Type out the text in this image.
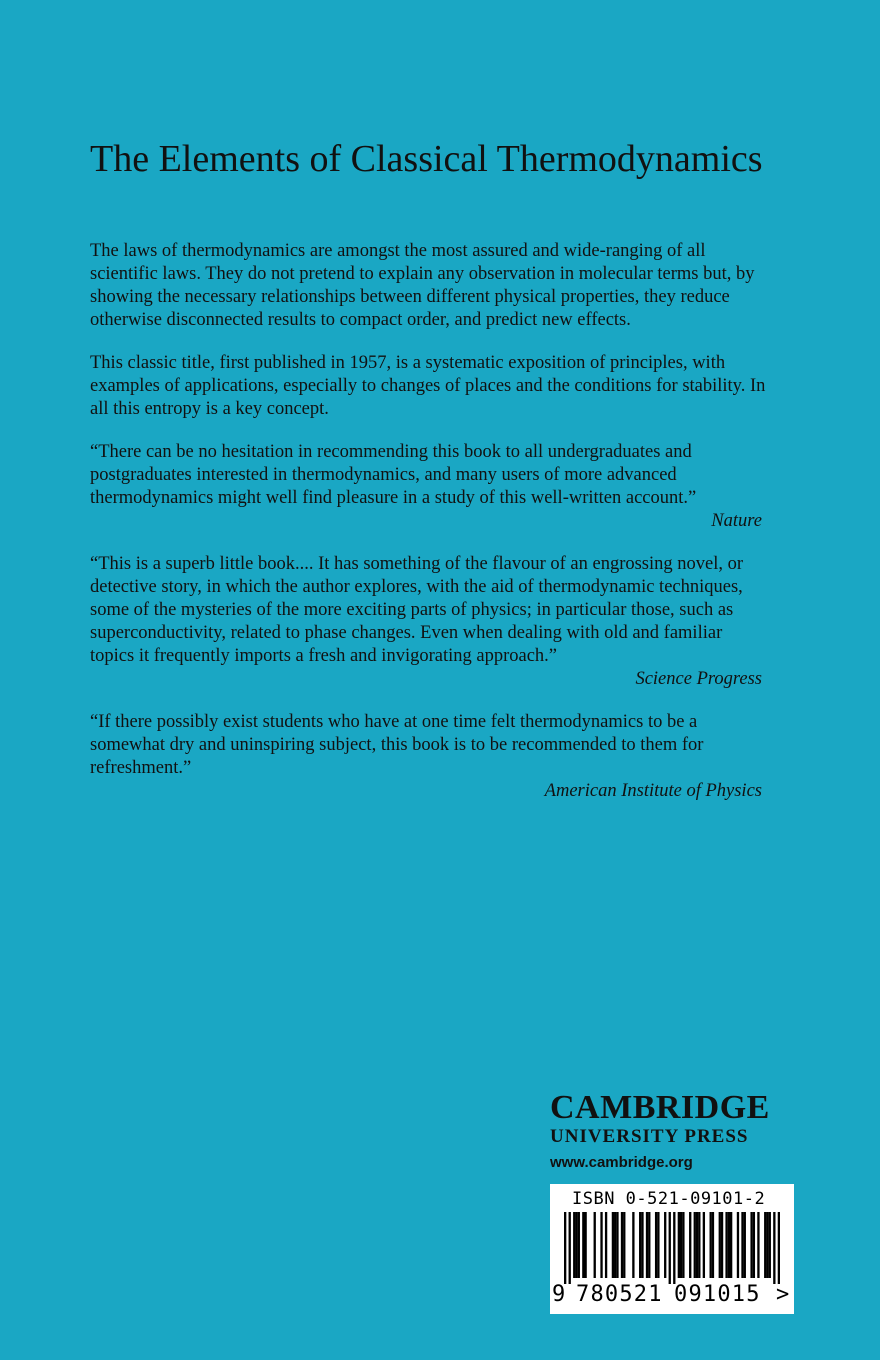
The Elements of Classical Thermodynamics

The laws of thermodynamics are amongst the most assured and wide-ranging of all scientific laws. They do not pretend to explain any observation in molecular terms but, by showing the necessary relationships between different physical properties, they reduce otherwise disconnected results to compact order, and predict new effects.

This classic title, first published in 1957, is a systematic exposition of principles, with examples of applications, especially to changes of places and the conditions for stability. In all this entropy is a key concept.

“There can be no hesitation in recommending this book to all undergraduates and postgraduates interested in thermodynamics, and many users of more advanced thermodynamics might well find pleasure in a study of this well-written account.”

Nature

“This is a superb little book.... It has something of the flavour of an engrossing novel, or detective story, in which the author explores, with the aid of thermodynamic techniques, some of the mysteries of the more exciting parts of physics; in particular those, such as superconductivity, related to phase changes. Even when dealing with old and familiar topics it frequently imports a fresh and invigorating approach.”

Science Progress

“If there possibly exist students who have at one time felt thermodynamics to be a somewhat dry and uninspiring subject, this book is to be recommended to them for refreshment.”

American Institute of Physics

CAMBRIDGE

UNIVERSITY PRESS

www.cambridge.org
ISBN 0-521-09101-2
9 780521 091015 >
